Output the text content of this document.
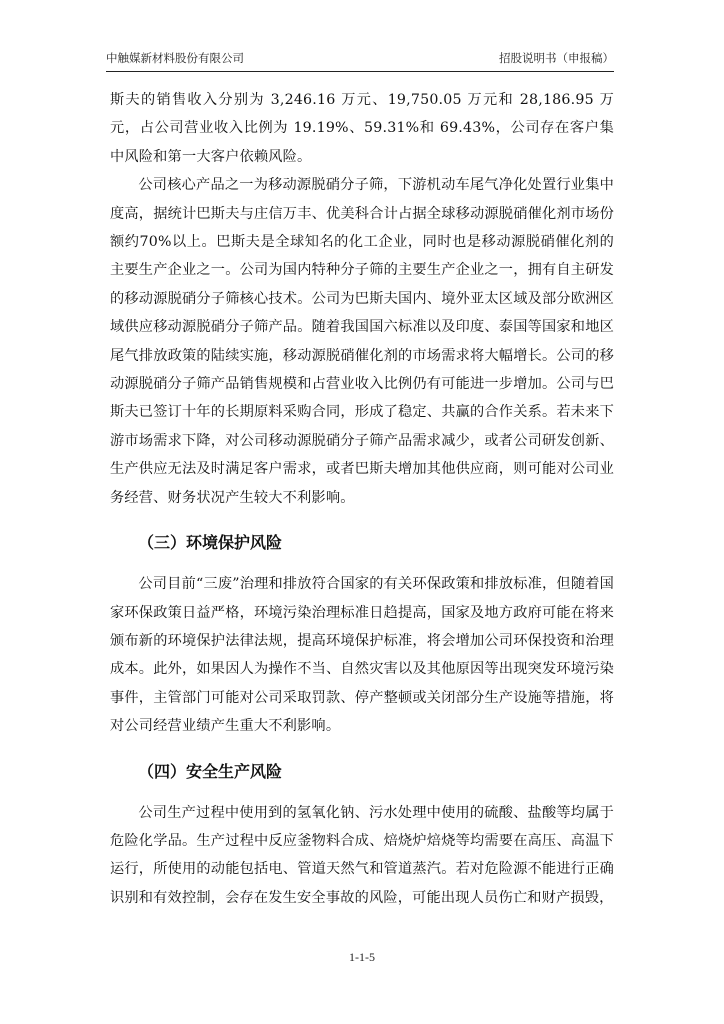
中触媒新材料股份有限公司	招股说明书（申报稿）

斯夫的销售收入分别为 3,246.16 万元、19,750.05 万元和 28,186.95 万元，占公司营业收入比例为 19.19%、59.31%和 69.43%，公司存在客户集中风险和第一大客户依赖风险。

公司核心产品之一为移动源脱硝分子筛，下游机动车尾气净化处置行业集中度高，据统计巴斯夫与庄信万丰、优美科合计占据全球移动源脱硝催化剂市场份额约70%以上。巴斯夫是全球知名的化工企业，同时也是移动源脱硝催化剂的主要生产企业之一。公司为国内特种分子筛的主要生产企业之一，拥有自主研发的移动源脱硝分子筛核心技术。公司为巴斯夫国内、境外亚太区域及部分欧洲区域供应移动源脱硝分子筛产品。随着我国国六标准以及印度、泰国等国家和地区尾气排放政策的陆续实施，移动源脱硝催化剂的市场需求将大幅增长。公司的移动源脱硝分子筛产品销售规模和占营业收入比例仍有可能进一步增加。公司与巴斯夫已签订十年的长期原料采购合同，形成了稳定、共赢的合作关系。若未来下游市场需求下降，对公司移动源脱硝分子筛产品需求减少，或者公司研发创新、生产供应无法及时满足客户需求，或者巴斯夫增加其他供应商，则可能对公司业务经营、财务状况产生较大不利影响。

（三）环境保护风险

公司目前“三废”治理和排放符合国家的有关环保政策和排放标准，但随着国家环保政策日益严格，环境污染治理标准日趋提高，国家及地方政府可能在将来颁布新的环境保护法律法规，提高环境保护标准，将会增加公司环保投资和治理成本。此外，如果因人为操作不当、自然灾害以及其他原因等出现突发环境污染事件，主管部门可能对公司采取罚款、停产整顿或关闭部分生产设施等措施，将对公司经营业绩产生重大不利影响。

（四）安全生产风险

公司生产过程中使用到的氢氧化钠、污水处理中使用的硫酸、盐酸等均属于危险化学品。生产过程中反应釜物料合成、焙烧炉焙烧等均需要在高压、高温下运行，所使用的动能包括电、管道天然气和管道蒸汽。若对危险源不能进行正确识别和有效控制，会存在发生安全事故的风险，可能出现人员伤亡和财产损毁，

1-1-5
